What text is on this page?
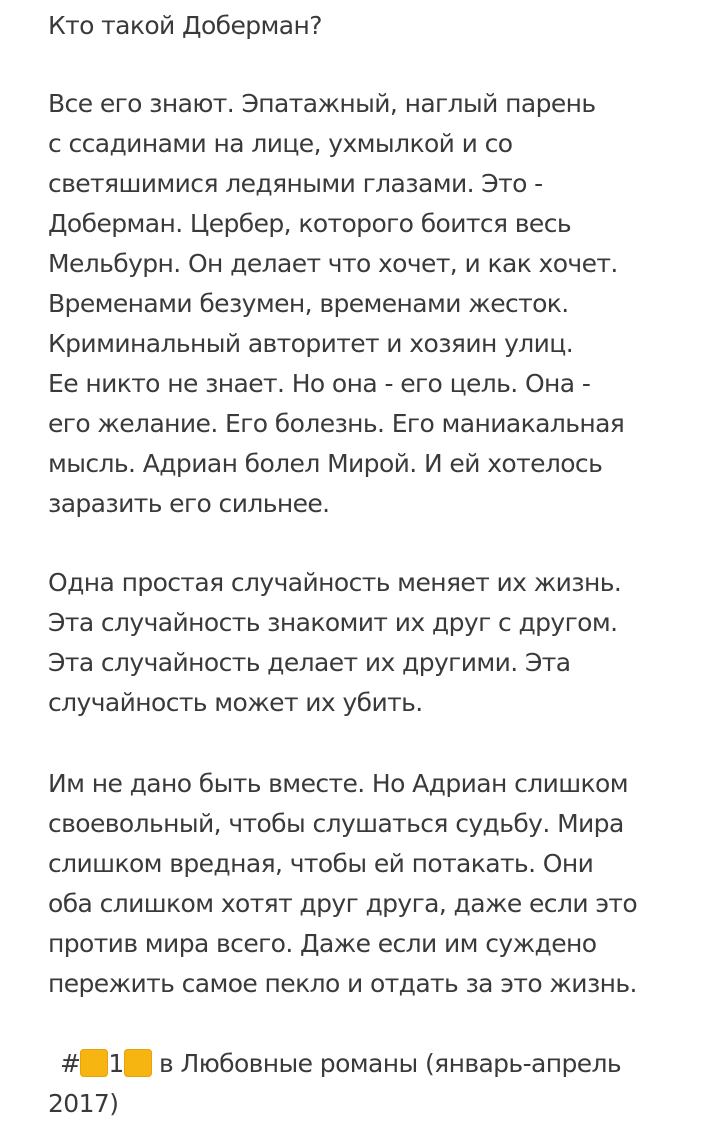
Кто такой Доберман?
Все его знают. Эпатажный, наглый парень
с ссадинами на лице, ухмылкой и со
светяшимися ледяными глазами. Это -
Доберман. Цербер, которого боится весь
Мельбурн. Он делает что хочет, и как хочет.
Временами безумен, временами жесток.
Криминальный авторитет и хозяин улиц.
Ее никто не знает. Но она - его цель. Она -
его желание. Его болезнь. Его маниакальная
мысль. Адриан болел Мирой. И ей хотелось
заразить его сильнее.
Одна простая случайность меняет их жизнь.
Эта случайность знакомит их друг с другом.
Эта случайность делает их другими. Эта
случайность может их убить.
Им не дано быть вместе. Но Адриан слишком
своевольный, чтобы слушаться судьбу. Мира
слишком вредная, чтобы ей потакать. Они
оба слишком хотят друг друга, даже если это
против мира всего. Даже если им суждено
пережить самое пекло и отдать за это жизнь.
# 1 в Любовные романы (январь-апрель
2017)
